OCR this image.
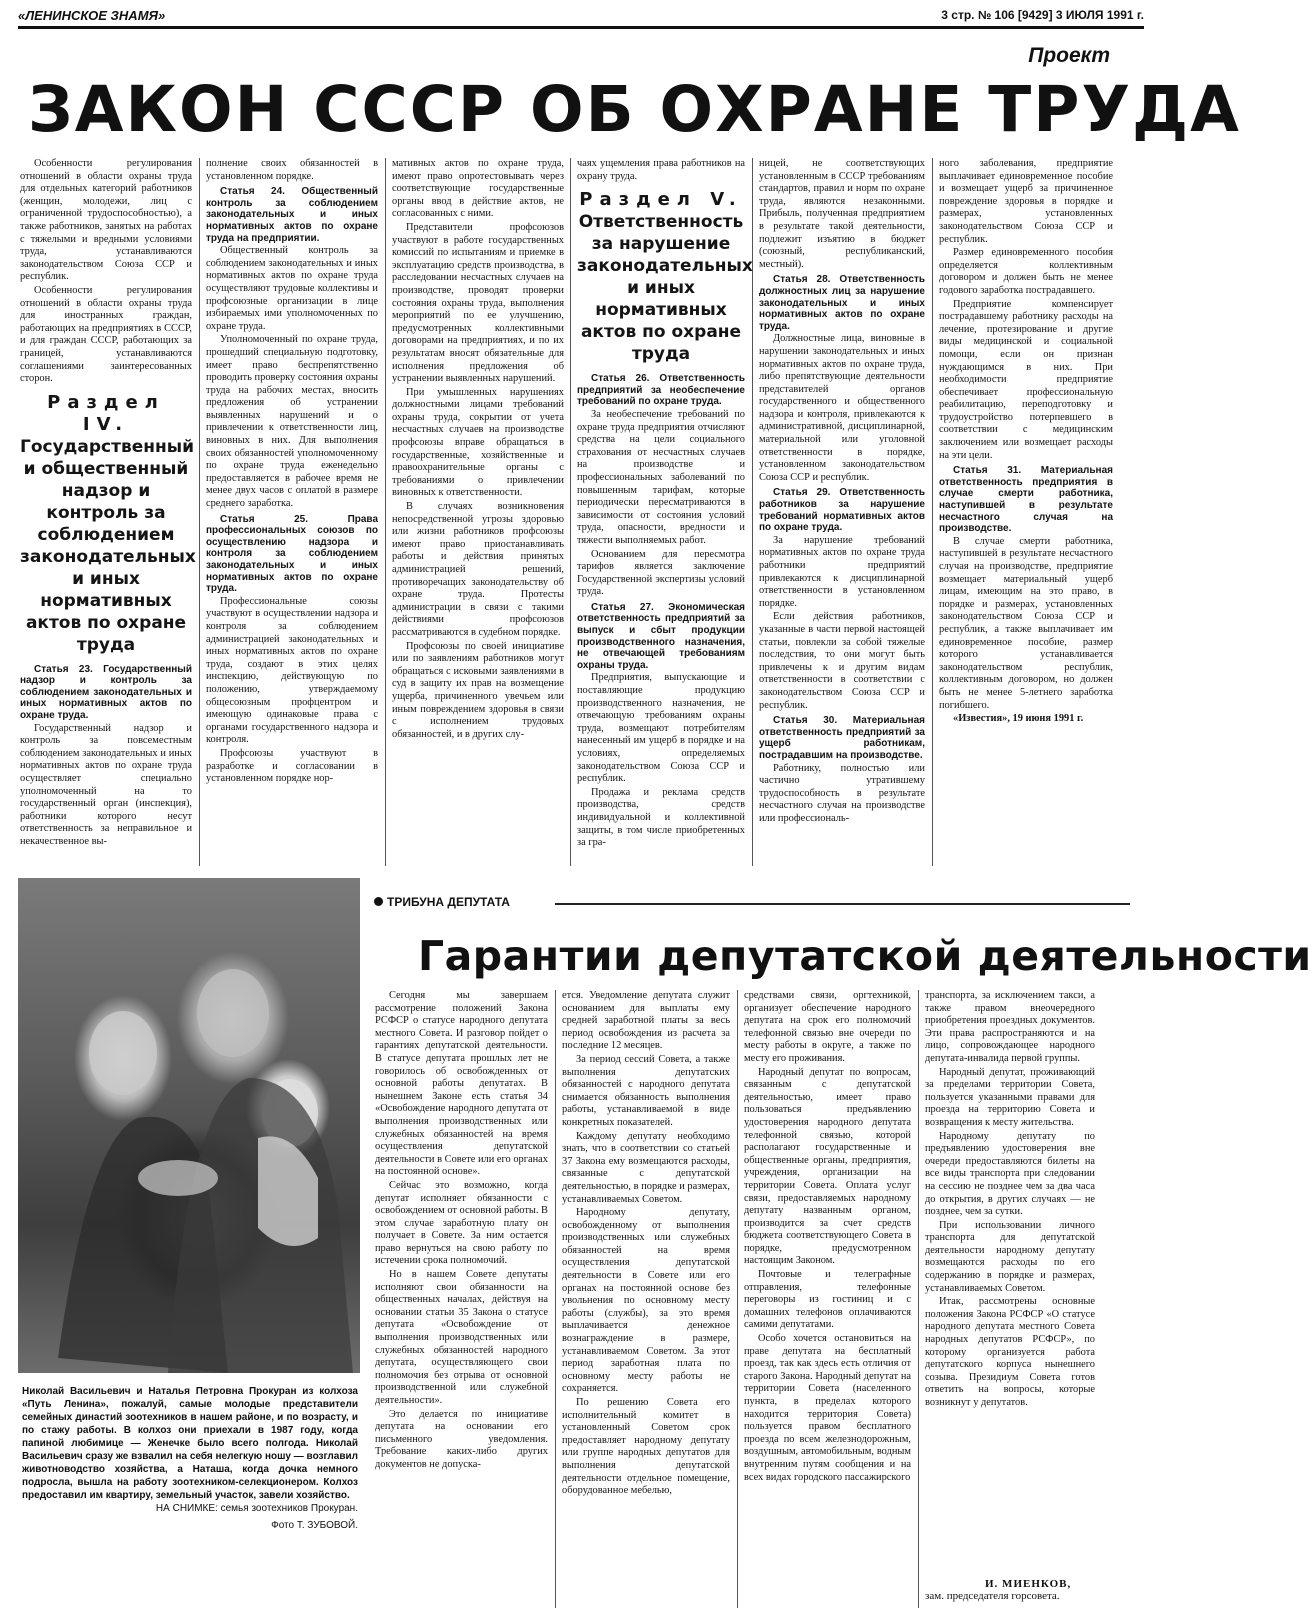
«ЛЕНИНСКОЕ ЗНАМЯ»	3 стр. № 106 [9429] 3 ИЮЛЯ 1991 г.
Проект
ЗАКОН СССР ОБ ОХРАНЕ ТРУДА

Особенности регулирования отношений в области охраны труда для отдельных категорий работников (женщин, молодежи, лиц с ограниченной трудоспособностью), а также работников, занятых на работах с тяжелыми и вредными условиями труда, устанавливаются законодательством Союза ССР и республик.

Особенности регулирования отношений в области охраны труда для иностранных граждан, работающих на предприятиях в СССР, и для граждан СССР, работающих за границей, устанавливаются соглашениями заинтересованных сторон.

Раздел IV.
Государственный и общественный надзор и контроль за соблюдением законодательных и иных нормативных актов по охране труда

Статья 23. Государственный надзор и контроль за соблюдением законодательных и иных нормативных актов по охране труда.

Государственный надзор и контроль за повсеместным соблюдением законодательных и иных нормативных актов по охране труда осуществляет специально уполномоченный на то государственный орган (инспекция), работники которого несут ответственность за неправильное и некачественное вы-

полнение своих обязанностей в установленном порядке.

Статья 24. Общественный контроль за соблюдением законодательных и иных нормативных актов по охране труда на предприятии.

Общественный контроль за соблюдением законодательных и иных нормативных актов по охране труда осуществляют трудовые коллективы и профсоюзные организации в лице избираемых ими уполномоченных по охране труда.

Уполномоченный по охране труда, прошедший специальную подготовку, имеет право беспрепятственно проводить проверку состояния охраны труда на рабочих местах, вносить предложения об устранении выявленных нарушений и о привлечении к ответственности лиц, виновных в них. Для выполнения своих обязанностей уполномоченному по охране труда еженедельно предоставляется в рабочее время не менее двух часов с оплатой в размере среднего заработка.

Статья 25. Права профессиональных союзов по осуществлению надзора и контроля за соблюдением законодательных и иных нормативных актов по охране труда.

Профессиональные союзы участвуют в осуществлении надзора и контроля за соблюдением администрацией законодательных и иных нормативных актов по охране труда, создают в этих целях инспекцию, действующую по положению, утверждаемому общесоюзным профцентром и имеющую одинаковые права с органами государственного надзора и контроля.

Профсоюзы участвуют в разработке и согласовании в установленном порядке нор-

мативных актов по охране труда, имеют право опротестовывать через соответствующие государственные органы ввод в действие актов, не согласованных с ними.

Представители профсоюзов участвуют в работе государственных комиссий по испытаниям и приемке в эксплуатацию средств производства, в расследовании несчастных случаев на производстве, проводят проверки состояния охраны труда, выполнения мероприятий по ее улучшению, предусмотренных коллективными договорами на предприятиях, и по их результатам вносят обязательные для исполнения предложения об устранении выявленных нарушений.

При умышленных нарушениях должностными лицами требований охраны труда, сокрытии от учета несчастных случаев на производстве профсоюзы вправе обращаться в государственные, хозяйственные и правоохранительные органы с требованиями о привлечении виновных к ответственности.

В случаях возникновения непосредственной угрозы здоровью или жизни работников профсоюзы имеют право приостанавливать работы и действия принятых администрацией решений, противоречащих законодательству об охране труда. Протесты администрации в связи с такими действиями профсоюзов рассматриваются в судебном порядке.

Профсоюзы по своей инициативе или по заявлениям работников могут обращаться с исковыми заявлениями в суд в защиту их прав на возмещение ущерба, причиненного увечьем или иным повреждением здоровья в связи с исполнением трудовых обязанностей, и в других слу-

чаях ущемления права работников на охрану труда.

Раздел V.
Ответственность за нарушение законодательных и иных нормативных актов по охране труда

Статья 26. Ответственность предприятий за необеспечение требований по охране труда.

За необеспечение требований по охране труда предприятия отчисляют средства на цели социального страхования от несчастных случаев на производстве и профессиональных заболеваний по повышенным тарифам, которые периодически пересматриваются в зависимости от состояния условий труда, опасности, вредности и тяжести выполняемых работ.

Основанием для пересмотра тарифов является заключение Государственной экспертизы условий труда.

Статья 27. Экономическая ответственность предприятий за выпуск и сбыт продукции производственного назначения, не отвечающей требованиям охраны труда.

Предприятия, выпускающие и поставляющие продукцию производственного назначения, не отвечающую требованиям охраны труда, возмещают потребителям нанесенный им ущерб в порядке и на условиях, определяемых законодательством Союза ССР и республик.

Продажа и реклама средств производства, средств индивидуальной и коллективной защиты, в том числе приобретенных за гра-

ницей, не соответствующих установленным в СССР требованиям стандартов, правил и норм по охране труда, являются незаконными. Прибыль, полученная предприятием в результате такой деятельности, подлежит изъятию в бюджет (союзный, республиканский, местный).

Статья 28. Ответственность должностных лиц за нарушение законодательных и иных нормативных актов по охране труда.

Должностные лица, виновные в нарушении законодательных и иных нормативных актов по охране труда, либо препятствующие деятельности представителей органов государственного и общественного надзора и контроля, привлекаются к административной, дисциплинарной, материальной или уголовной ответственности в порядке, установленном законодательством Союза ССР и республик.

Статья 29. Ответственность работников за нарушение требований нормативных актов по охране труда.

За нарушение требований нормативных актов по охране труда работники предприятий привлекаются к дисциплинарной ответственности в установленном порядке.

Если действия работников, указанные в части первой настоящей статьи, повлекли за собой тяжелые последствия, то они могут быть привлечены к и другим видам ответственности в соответствии с законодательством Союза ССР и республик.

Статья 30. Материальная ответственность предприятий за ущерб работникам, пострадавшим на производстве.

Работнику, полностью или частично утратившему трудоспособность в результате несчастного случая на производстве или профессиональ-

ного заболевания, предприятие выплачивает единовременное пособие и возмещает ущерб за причиненное повреждение здоровья в порядке и размерах, установленных законодательством Союза ССР и республик.

Размер единовременного пособия определяется коллективным договором и должен быть не менее годового заработка пострадавшего.

Предприятие компенсирует пострадавшему работнику расходы на лечение, протезирование и другие виды медицинской и социальной помощи, если он признан нуждающимся в них. При необходимости предприятие обеспечивает профессиональную реабилитацию, переподготовку и трудоустройство потерпевшего в соответствии с медицинским заключением или возмещает расходы на эти цели.

Статья 31. Материальная ответственность предприятия в случае смерти работника, наступившей в результате несчастного случая на производстве.

В случае смерти работника, наступившей в результате несчастного случая на производстве, предприятие возмещает материальный ущерб лицам, имеющим на это право, в порядке и размерах, установленных законодательством Союза ССР и республик, а также выплачивает им единовременное пособие, размер которого устанавливается законодательством республик, коллективным договором, но должен быть не менее 5-летнего заработка погибшего.

«Известия», 19 июня 1991 г.

Николай Васильевич и Наталья Петровна Прокуран из колхоза «Путь Ленина», пожалуй, самые молодые представители семейных династий зоотехников в нашем районе, и по возрасту, и по стажу работы. В колхоз они приехали в 1987 году, когда папиной любимице — Женечке было всего полгода. Николай Васильевич сразу же взвалил на себя нелегкую ношу — возглавил животноводство хозяйства, а Наташа, когда дочка немного подросла, вышла на работу зоотехником-селекционером. Колхоз предоставил им квартиру, земельный участок, завели хозяйство.
НА СНИМКЕ: семья зоотехников Прокуран.
Фото Т. ЗУБОВОЙ.
ТРИБУНА ДЕПУТАТА
Гарантии депутатской деятельности

Сегодня мы завершаем рассмотрение положений Закона РСФСР о статусе народного депутата местного Совета. И разговор пойдет о гарантиях депутатской деятельности. В статусе депутата прошлых лет не говорилось об освобожденных от основной работы депутатах. В нынешнем Законе есть статья 34 «Освобождение народного депутата от выполнения производственных или служебных обязанностей на время осуществления депутатской деятельности в Совете или его органах на постоянной основе».

Сейчас это возможно, когда депутат исполняет обязанности с освобождением от основной работы. В этом случае заработную плату он получает в Совете. За ним остается право вернуться на свою работу по истечении срока полномочий.

Но в нашем Совете депутаты исполняют свои обязанности на общественных началах, действуя на основании статьи 35 Закона о статусе депутата «Освобождение от выполнения производственных или служебных обязанностей народного депутата, осуществляющего свои полномочия без отрыва от основной производственной или служебной деятельности».

Это делается по инициативе депутата на основании его письменного уведомления. Требование каких-либо других документов не допуска-

ется. Уведомление депутата служит основанием для выплаты ему средней заработной платы за весь период освобождения из расчета за последние 12 месяцев.

За период сессий Совета, а также выполнения депутатских обязанностей с народного депутата снимается обязанность выполнения работы, устанавливаемой в виде конкретных показателей.

Каждому депутату необходимо знать, что в соответствии со статьей 37 Закона ему возмещаются расходы, связанные с депутатской деятельностью, в порядке и размерах, устанавливаемых Советом.

Народному депутату, освобожденному от выполнения производственных или служебных обязанностей на время осуществления депутатской деятельности в Совете или его органах на постоянной основе без увольнения по основному месту работы (службы), за это время выплачивается денежное вознаграждение в размере, устанавливаемом Советом. За этот период заработная плата по основному месту работы не сохраняется.

По решению Совета его исполнительный комитет в установленный Советом срок предоставляет народному депутату или группе народных депутатов для выполнения депутатской деятельности отдельное помещение, оборудованное мебелью,

средствами связи, оргтехникой, организует обеспечение народного депутата на срок его полномочий телефонной связью вне очереди по месту работы в округе, а также по месту его проживания.

Народный депутат по вопросам, связанным с депутатской деятельностью, имеет право пользоваться предъявлению удостоверения народного депутата телефонной связью, которой располагают государственные и общественные органы, предприятия, учреждения, организации на территории Совета. Оплата услуг связи, предоставляемых народному депутату названным органом, производится за счет средств бюджета соответствующего Совета в порядке, предусмотренном настоящим Законом.

Почтовые и телеграфные отправления, телефонные переговоры из гостиниц и с домашних телефонов оплачиваются самими депутатами.

Особо хочется остановиться на праве депутата на бесплатный проезд, так как здесь есть отличия от старого Закона. Народный депутат на территории Совета (населенного пункта, в пределах которого находится территория Совета) пользуется правом бесплатного проезда по всем железнодорожным, воздушным, автомобильным, водным внутренним путям сообщения и на всех видах городского пассажирского

транспорта, за исключением такси, а также правом внеочередного приобретения проездных документов. Эти права распространяются и на лицо, сопровождающее народного депутата-инвалида первой группы.

Народный депутат, проживающий за пределами территории Совета, пользуется указанными правами для проезда на территорию Совета и возвращения к месту жительства.

Народному депутату по предъявлению удостоверения вне очереди предоставляются билеты на все виды транспорта при следовании на сессию не позднее чем за два часа до открытия, в других случаях — не позднее, чем за сутки.

При использовании личного транспорта для депутатской деятельности народному депутату возмещаются расходы по его содержанию в порядке и размерах, устанавливаемых Советом.

Итак, рассмотрены основные положения Закона РСФСР «О статусе народного депутата местного Совета народных депутатов РСФСР», по которому организуется работа депутатского корпуса нынешнего созыва. Президиум Совета готов ответить на вопросы, которые возникнут у депутатов.

И. МИЕНКОВ,
зам. председателя горсовета.
